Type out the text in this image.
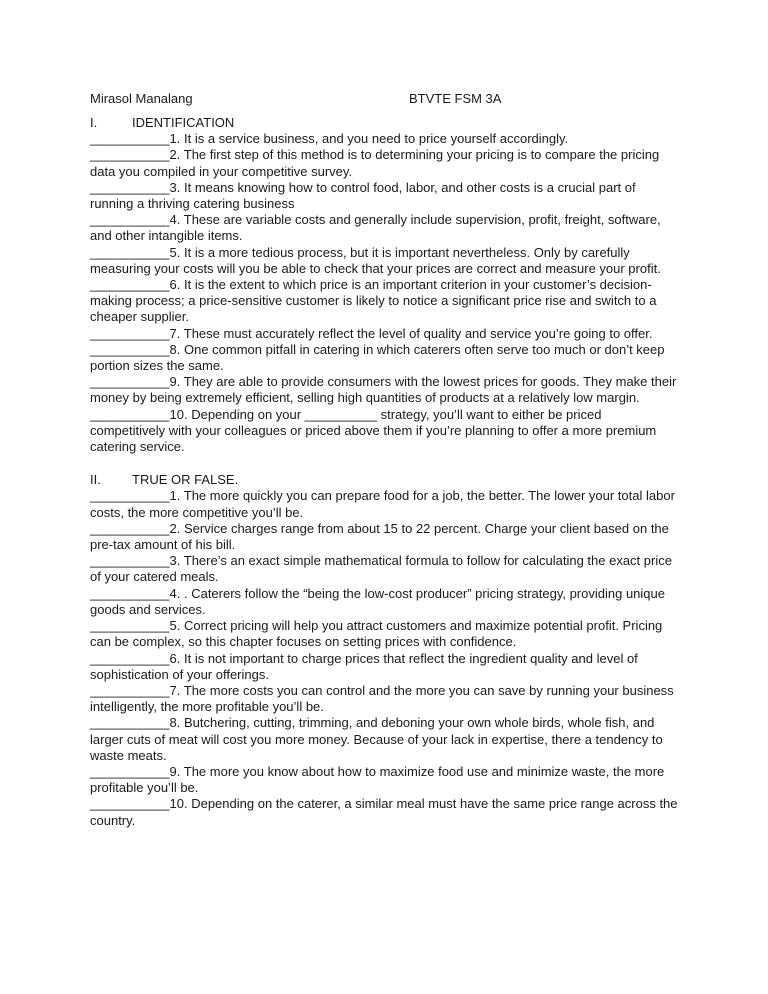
Mirasol Manalang	BTVTE FSM 3A
I.	IDENTIFICATION

___________1. It is a service business, and you need to price yourself accordingly.

___________2. The first step of this method is to determining your pricing is to compare the pricing data you compiled in your competitive survey.

___________3. It means knowing how to control food, labor, and other costs is a crucial part of running a thriving catering business

___________4. These are variable costs and generally include supervision, profit, freight, software, and other intangible items.

___________5. It is a more tedious process, but it is important nevertheless. Only by carefully measuring your costs will you be able to check that your prices are correct and measure your profit.

___________6. It is the extent to which price is an important criterion in your customer’s decision-making process; a price-sensitive customer is likely to notice a significant price rise and switch to a cheaper supplier.

___________7. These must accurately reflect the level of quality and service you’re going to offer.

___________8. One common pitfall in catering in which caterers often serve too much or don’t keep portion sizes the same.

___________9. They are able to provide consumers with the lowest prices for goods. They make their money by being extremely efficient, selling high quantities of products at a relatively low margin.

___________10. Depending on your __________ strategy, you’ll want to either be priced competitively with your colleagues or priced above them if you’re planning to offer a more premium catering service.

II.	TRUE OR FALSE.

___________1. The more quickly you can prepare food for a job, the better. The lower your total labor costs, the more competitive you’ll be.

___________2. Service charges range from about 15 to 22 percent. Charge your client based on the pre-tax amount of his bill.

___________3. There’s an exact simple mathematical formula to follow for calculating the exact price of your catered meals.

___________4. . Caterers follow the “being the low-cost producer” pricing strategy, providing unique goods and services.

___________5. Correct pricing will help you attract customers and maximize potential profit. Pricing can be complex, so this chapter focuses on setting prices with confidence.

___________6. It is not important to charge prices that reflect the ingredient quality and level of sophistication of your offerings.

___________7. The more costs you can control and the more you can save by running your business intelligently, the more profitable you’ll be.

___________8. Butchering, cutting, trimming, and deboning your own whole birds, whole fish, and larger cuts of meat will cost you more money. Because of your lack in expertise, there a tendency to waste meats.

___________9. The more you know about how to maximize food use and minimize waste, the more profitable you’ll be.

___________10. Depending on the caterer, a similar meal must have the same price range across the country.
